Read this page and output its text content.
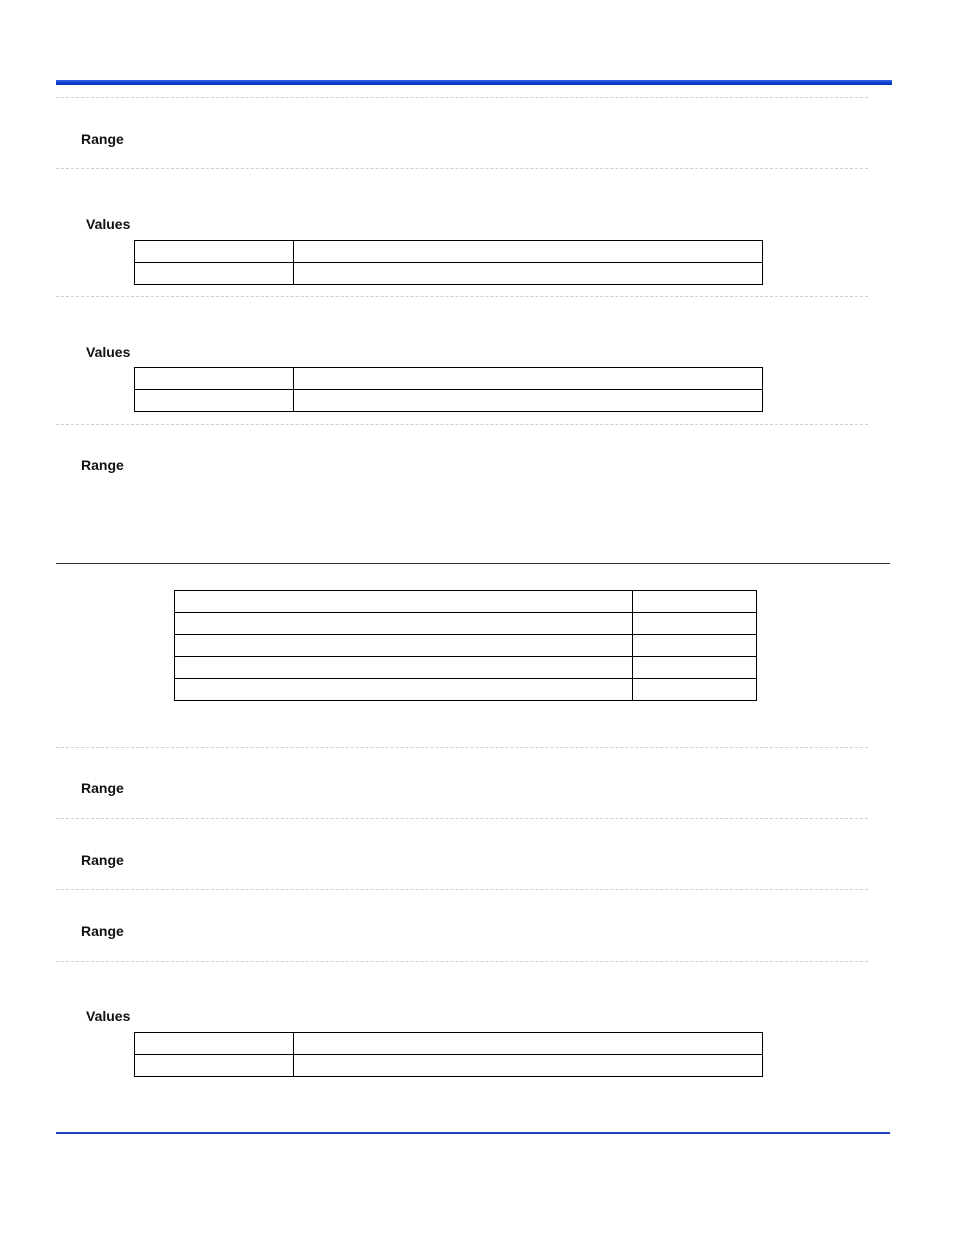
Range
Values

Values

Range

Range
Range
Range
Values
